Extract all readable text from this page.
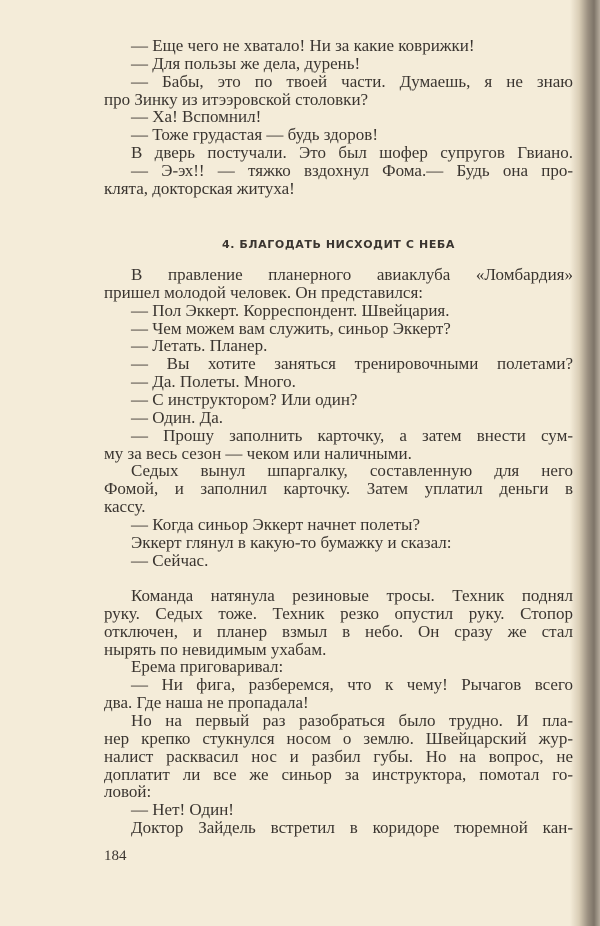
— Еще чего не хватало! Ни за какие коврижки!
— Для пользы же дела, дурень!
— Бабы, это по твоей части. Думаешь, я не знаю
про Зинку из итээровской столовки?
— Ха! Вспомнил!
— Тоже грудастая — будь здоров!
В дверь постучали. Это был шофер супругов Гвиано.
— Э-эх!! — тяжко вздохнул Фома.— Будь она про-
клята, докторская житуха!
4. БЛАГОДАТЬ НИСХОДИТ С НЕБА
В правление планерного авиаклуба «Ломбардия»
пришел молодой человек. Он представился:
— Пол Эккерт. Корреспондент. Швейцария.
— Чем можем вам служить, синьор Эккерт?
— Летать. Планер.
— Вы хотите заняться тренировочными полетами?
— Да. Полеты. Много.
— С инструктором? Или один?
— Один. Да.
— Прошу заполнить карточку, а затем внести сум-
му за весь сезон — чеком или наличными.
Седых вынул шпаргалку, составленную для него
Фомой, и заполнил карточку. Затем уплатил деньги в
кассу.
— Когда синьор Эккерт начнет полеты?
Эккерт глянул в какую-то бумажку и сказал:
— Сейчас.
Команда натянула резиновые тросы. Техник поднял
руку. Седых тоже. Техник резко опустил руку. Стопор
отключен, и планер взмыл в небо. Он сразу же стал
нырять по невидимым ухабам.
Ерема приговаривал:
— Ни фига, разберемся, что к чему! Рычагов всего
два. Где наша не пропадала!
Но на первый раз разобраться было трудно. И пла-
нер крепко стукнулся носом о землю. Швейцарский жур-
налист расквасил нос и разбил губы. Но на вопрос, не
доплатит ли все же синьор за инструктора, помотал го-
ловой:
— Нет! Один!
Доктор Зайдель встретил в коридоре тюремной кан-
184
